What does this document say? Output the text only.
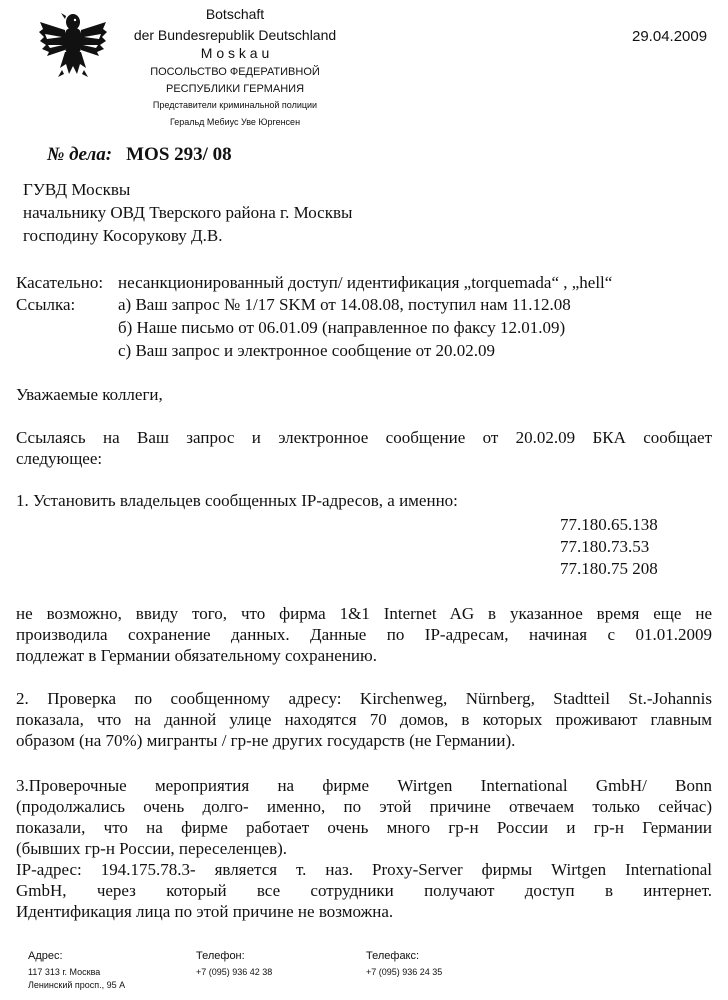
Botschaft
der Bundesrepublik Deutschland
M o s k a u
ПОСОЛЬСТВО ФЕДЕРАТИВНОЙ
РЕСПУБЛИКИ ГЕРМАНИЯ
Представители криминальной полиции
Геральд Мебиус Уве Юргенсен
29.04.2009
№ дела: MOS 293/ 08
ГУВД Москвы
начальнику ОВД Тверского района г. Москвы
господину Косорукову Д.В.
Касательно: несанкционированный доступ/ идентификация „torquemada“ , „hell“
Ссылка:	а) Ваш запрос № 1/17 SKM от 14.08.08, поступил нам 11.12.08
б) Наше письмо от 06.01.09 (направленное по факсу 12.01.09)
с) Ваш запрос и электронное сообщение от 20.02.09
Уважаемые коллеги,
Ссылаясь на Ваш запрос и электронное сообщение от 20.02.09 БКА сообщает
следующее:
1. Установить владельцев сообщенных IP-адресов, а именно:
77.180.65.138
77.180.73.53
77.180.75 208
не возможно, ввиду того, что фирма 1&1 Internet AG в указанное время еще не
производила сохранение данных. Данные по IP-адресам, начиная с 01.01.2009
подлежат в Германии обязательному сохранению.
2. Проверка по сообщенному адресу: Kirchenweg, Nürnberg, Stadtteil St.-Johannis
показала, что на данной улице находятся 70 домов, в которых проживают главным
образом (на 70%) мигранты / гр-не других государств (не Германии).
3.Проверочные мероприятия на фирме Wirtgen International GmbH/ Bonn
(продолжались очень долго- именно, по этой причине отвечаем только сейчас)
показали, что на фирме работает очень много гр-н России и гр-н Германии
(бывших гр-н России, переселенцев).
IP-адрес: 194.175.78.3- является т. наз. Proxy-Server фирмы Wirtgen International
GmbH, через который все сотрудники получают доступ в интернет.
Идентификация лица по этой причине не возможна.
Адрес:
117 313 г. Москва
Ленинский просп., 95 А
Телефон:
+7 (095) 936 42 38
Телефакс:
+7 (095) 936 24 35
